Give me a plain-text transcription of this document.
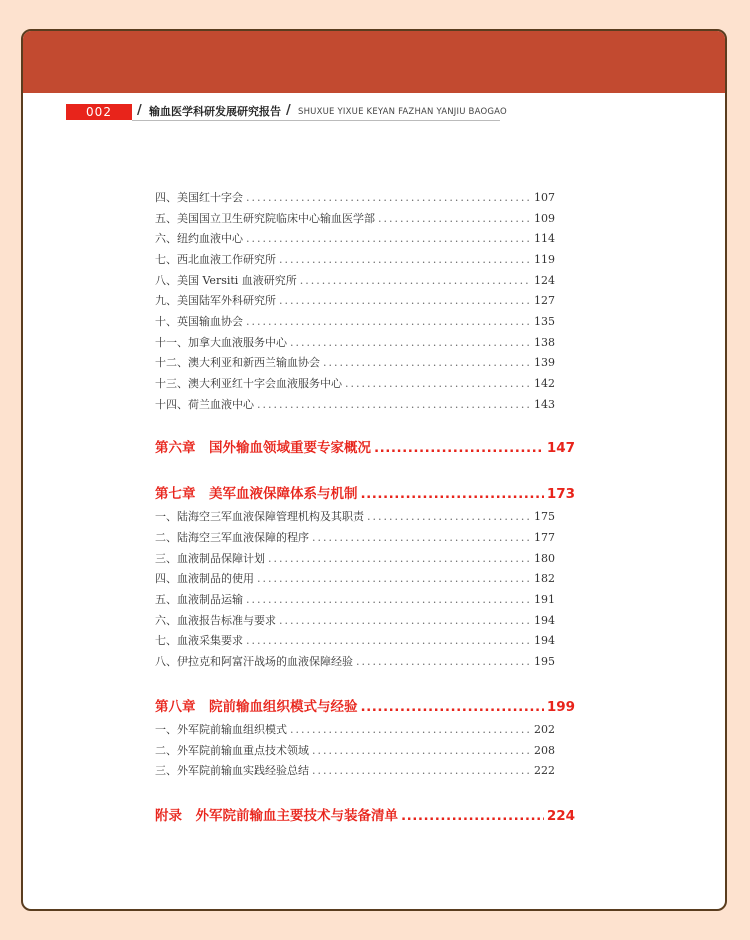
002	/ 输血医学科研发展研究报告 / SHUXUE YIXUE KEYAN FAZHAN YANJIU BAOGAO
四、美国红十字会 .....	107
五、美国国立卫生研究院临床中心输血医学部 .....	109
六、纽约血液中心 .....	114
七、西北血液工作研究所 .....	119
八、美国 Versiti 血液研究所 .....	124
九、美国陆军外科研究所 .....	127
十、英国输血协会 .....	135
十一、加拿大血液服务中心 .....	138
十二、澳大利亚和新西兰输血协会 .....	139
十三、澳大利亚红十字会血液服务中心 .....	142
十四、荷兰血液中心 .....	143
第六章　国外输血领域重要专家概况 .....	147
第七章　美军血液保障体系与机制 .....	173
一、陆海空三军血液保障管理机构及其职责 .....	175
二、陆海空三军血液保障的程序 .....	177
三、血液制品保障计划 .....	180
四、血液制品的使用 .....	182
五、血液制品运输 .....	191
六、血液报告标准与要求 .....	194
七、血液采集要求 .....	194
八、伊拉克和阿富汗战场的血液保障经验 .....	195
第八章　院前输血组织模式与经验 .....	199
一、外军院前输血组织模式 .....	202
二、外军院前输血重点技术领域 .....	208
三、外军院前输血实践经验总结 .....	222
附录　外军院前输血主要技术与装备清单 .....	224
